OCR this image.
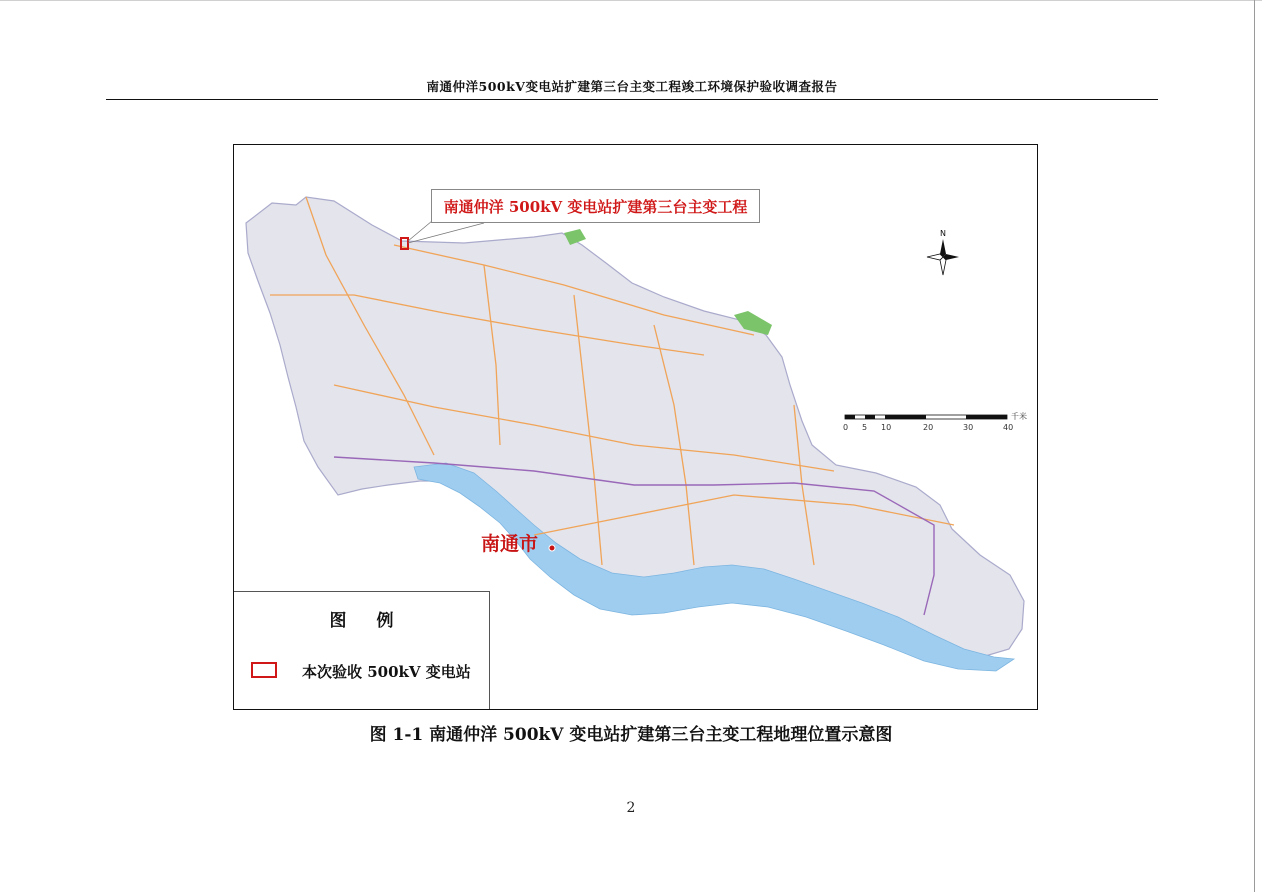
南通仲洋500kV变电站扩建第三台主变工程竣工环境保护验收调查报告
南通仲洋 500kV 变电站扩建第三台主变工程
南通市
N
0 5 10	20	30	40
千米
图例
本次验收 500kV 变电站
图 1-1 南通仲洋 500kV 变电站扩建第三台主变工程地理位置示意图
2
